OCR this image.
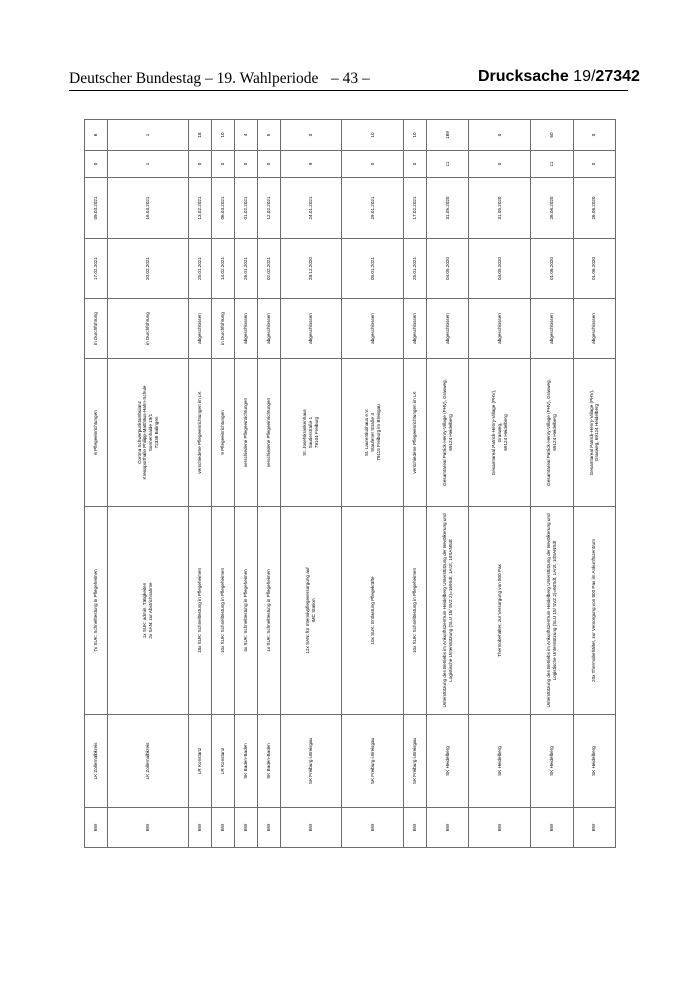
Deutscher Bundestag – 19. Wahlperiode – 43 –	Drucksache 19/27342
BW	LK Zollernalbkreis	7x SUK: Schnelltestung in Pflegeheimen	6 Pflegeeinrichtungen	in Durchführung	17.02.2021	09.03.2021	0	6
BW	LK Zollernalbkreis	1x SUK: admin. Tätigkeiten
2x SAN: zur Abstrichnahme	Corona Schwerpunktambulanz
Kreissporthalle Philipp-Matthäus-Hahn-Schule
Sonnenhalde 19/1
72336 Balingen	in Durchführung	20.02.2021	16.04.2021	1	1
BW	LR Konstanz	18x SUK: Schnelltestung in Pflegeheimen	verschiedene Pflegeeinrichtungen im LK	abgeschlossen	25.01.2021	13.02.2021	0	18
BW	LR Konstanz	10x SUK: Schnelltestung in Pflegeheimen	9 Pflegeeinrichtungen	in Durchführung	14.02.2021	06.03.2021	0	10
BW	SK Baden-Baden	4x SUK: Schnelltestung in Pflegeheimen	verschiedene Pflegeeinrichtungen	abgeschlossen	26.01.2021	01.02.2021	0	4
BW	SK Baden-Baden	1x SUK: Schnelltestung in Pflegeheimen	verschiedene Pflegeeinrichtungen	abgeschlossen	02.02.2021	12.02.2021	0	5
BW	SK Freiburg i.Breisgau	12x SAN: für Intensivpflegeversorgung auf
IMC Station	St. Josefskrankenhaus
Sautierstraße 1
79104 Freiburg	abgeschlossen	28.12.2020	24.01.2021	9	0
BW	SK Freiburg i.Breisgau	10x SUK: Entlastung Pflegekräfte	St. Laurentiushaus e.V.
Staufener Straße 4
79115 Freiburg im Breisgau	abgeschlossen	05.01.2021	29.01.2021	0	10
BW	SK Freiburg i.Breisgau	10x SUK: Schnelltestung in Pflegeheimen	verschiedene Pflegeeinrichtungen im LK	abgeschlossen	25.01.2021	17.02.2021	0	10
BW	SK Heidelberg	Unterstützung des Betriebs im Ankunftszentrum Heidelberg Unterstützung der Bevölkerung und
Logistische Unterstützung (SLU 15/ SVZ 2)=169Sdt, 1Arzt, 10SANSdt	Gesamtareal Patrick-Henry-Village (PHV), Grasweg,
69124 Heidelberg	abgeschlossen	04.05.2020	31.05.2020	11	169
BW	SK Heidelberg	Thermobehälter, zur Versorgung von 800 Pax	Gesamtareal Patrick-Henry-Village (PHV),
Grasweg,
69124 Heidelberg	abgeschlossen	04.05.2020	31.05.2020	0	0
BW	SK Heidelberg	Unterstützung des Betriebs im Ankunftszentrum Heidelberg Unterstützung der Bevölkerung und
Logistische Unterstützung (SLU 15/ SVZ 2)=60Sdt, 1Arzt, 10SANSdt	Gesamtareal Patrick-Henry-Village (PHV), Grasweg,
69124 Heidelberg	abgeschlossen	01.06.2020	26.06.2020	11	60
BW	SK Heidelberg	20x Thermobehälter, zur Versorgung von 800 Pax im Ankunftszentrum	Gesamtareal Patrick-Henry-Village (PHV),
Grasweg, 69124 Heidelberg	abgeschlossen	01.06.2020	26.06.2020	0	0
